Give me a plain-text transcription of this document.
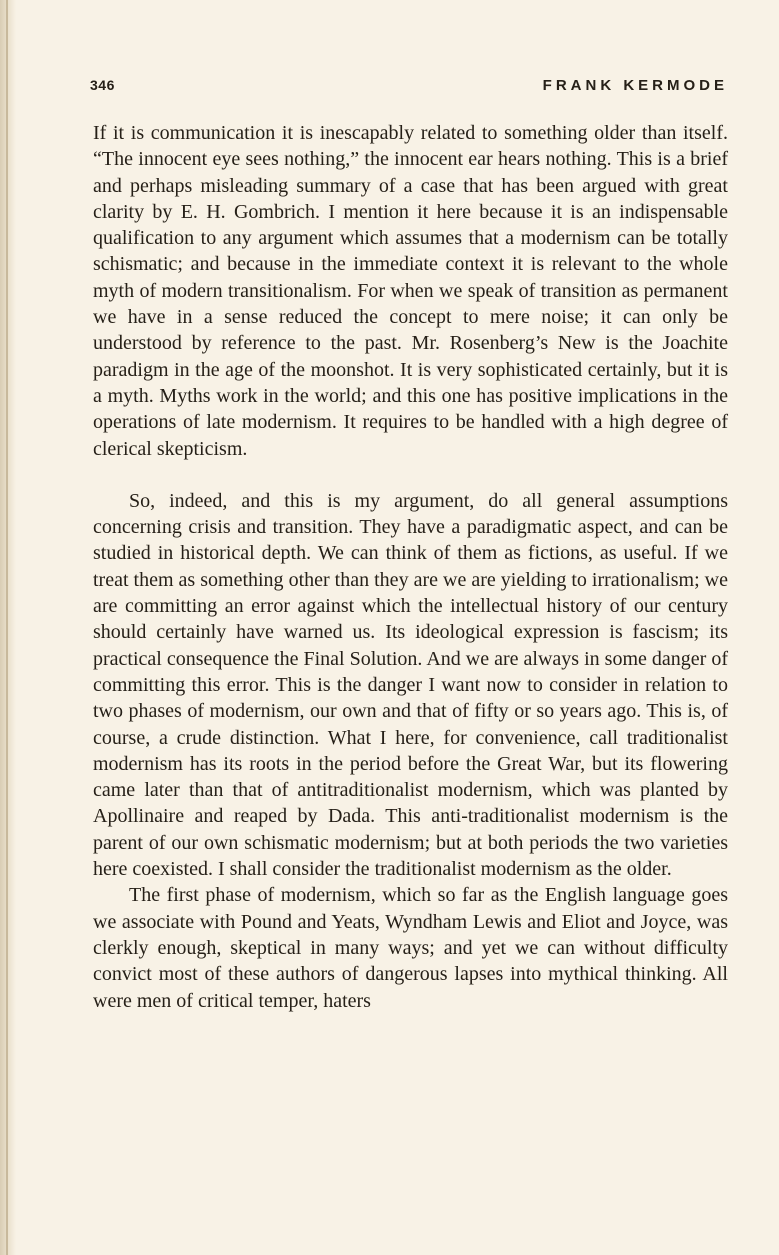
346	FRANK KERMODE

If it is communication it is inescapably related to something older than itself. “The innocent eye sees nothing,” the innocent ear hears nothing. This is a brief and perhaps misleading summary of a case that has been argued with great clarity by E. H. Gombrich. I mention it here because it is an indispensable qualification to any argument which assumes that a modernism can be totally schismatic; and because in the immediate context it is relevant to the whole myth of modern transitionalism. For when we speak of transition as permanent we have in a sense reduced the concept to mere noise; it can only be understood by reference to the past. Mr. Rosenberg’s New is the Joachite paradigm in the age of the moonshot. It is very sophisticated certainly, but it is a myth. Myths work in the world; and this one has positive implications in the operations of late modernism. It requires to be handled with a high degree of clerical skepticism.

So, indeed, and this is my argument, do all general assumptions concerning crisis and transition. They have a paradigmatic aspect, and can be studied in historical depth. We can think of them as fictions, as useful. If we treat them as something other than they are we are yielding to irrationalism; we are committing an error against which the intellectual history of our century should certainly have warned us. Its ideological expression is fascism; its practical consequence the Final Solution. And we are always in some danger of committing this error. This is the danger I want now to consider in relation to two phases of modernism, our own and that of fifty or so years ago. This is, of course, a crude distinction. What I here, for convenience, call traditionalist modernism has its roots in the period before the Great War, but its flowering came later than that of antitraditionalist modernism, which was planted by Apollinaire and reaped by Dada. This anti-traditionalist modernism is the parent of our own schismatic modernism; but at both periods the two varieties here coexisted. I shall consider the traditionalist modernism as the older.

The first phase of modernism, which so far as the English language goes we associate with Pound and Yeats, Wyndham Lewis and Eliot and Joyce, was clerkly enough, skeptical in many ways; and yet we can without difficulty convict most of these authors of dangerous lapses into mythical thinking. All were men of critical temper, haters
